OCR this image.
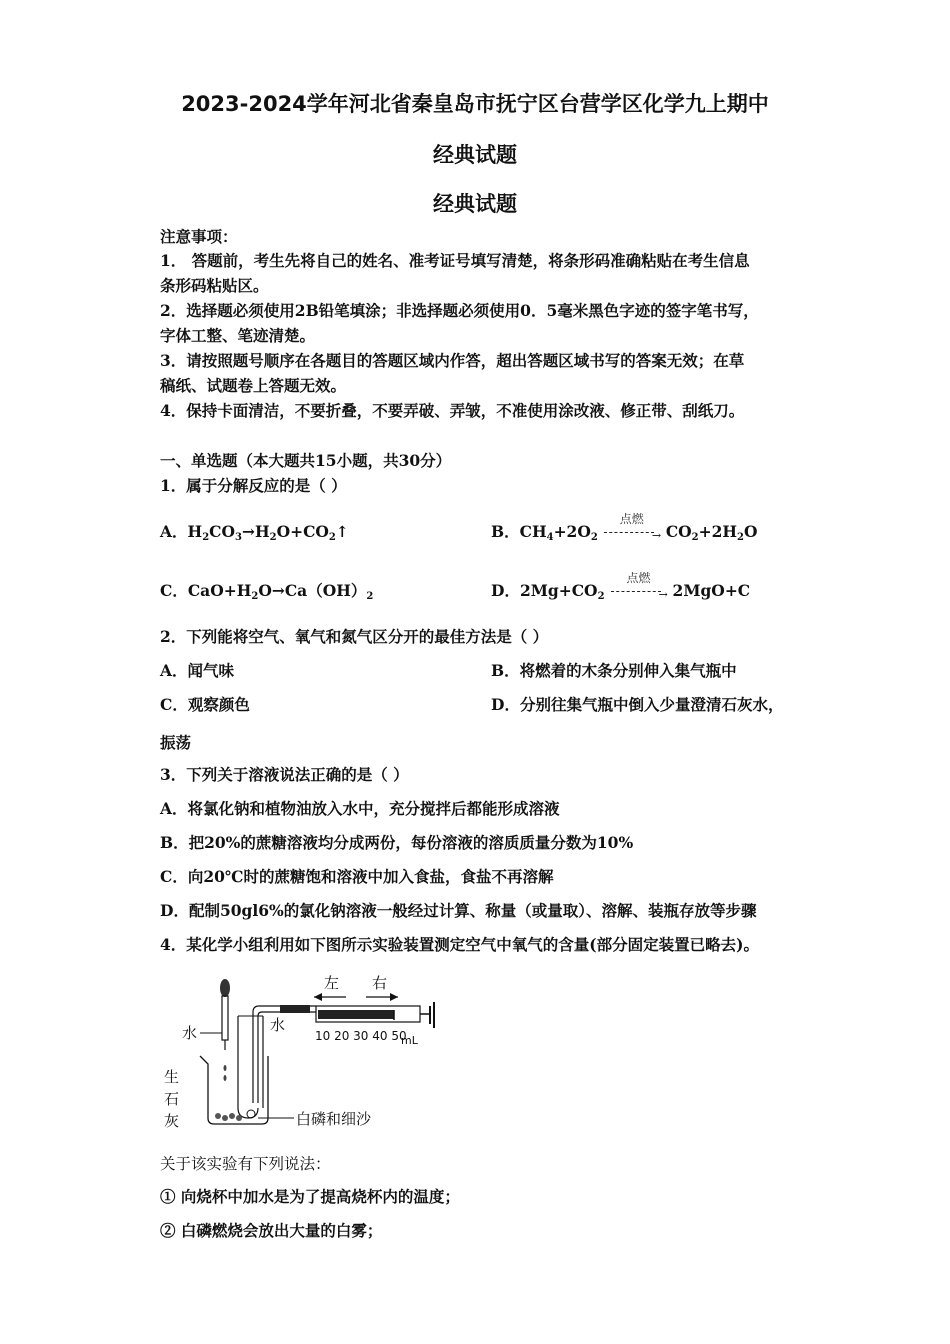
2023-2024学年河北省秦皇岛市抚宁区台营学区化学九上期中
经典试题
经典试题
注意事项：
1． 答题前，考生先将自己的姓名、准考证号填写清楚，将条形码准确粘贴在考生信息
条形码粘贴区。
2．选择题必须使用2B铅笔填涂；非选择题必须使用0．5毫米黑色字迹的签字笔书写，
字体工整、笔迹清楚。
3．请按照题号顺序在各题目的答题区域内作答，超出答题区域书写的答案无效；在草
稿纸、试题卷上答题无效。
4．保持卡面清洁，不要折叠，不要弄破、弄皱，不准使用涂改液、修正带、刮纸刀。
一、单选题（本大题共15小题，共30分）
1．属于分解反应的是（ ）
A．$H_2CO_3\to H_2O+CO_2↑$	B．$CH_4+2O_2$
点燃
→ $CO_2+2H_2O$
C．$CaO+H_2O\to Ca(OH)_2$	D．$2Mg+CO_2$
点燃
→ 2MgO+C
2．下列能将空气、氧气和氮气区分开的最佳方法是（ ）
A．闻气味	B．将燃着的木条分别伸入集气瓶中
C．观察颜色	D．分别往集气瓶中倒入少量澄清石灰水，
振荡
3．下列关于溶液说法正确的是（ ）
A．将氯化钠和植物油放入水中，充分搅拌后都能形成溶液
B．把20%的蔗糖溶液均分成两份，每份溶液的溶质质量分数为10%
C．向20℃时的蔗糖饱和溶液中加入食盐，食盐不再溶解
D．配制50gl6%的氯化钠溶液一般经过计算、称量（或量取）、溶解、装瓶存放等步骤
4．某化学小组利用如下图所示实验装置测定空气中氧气的含量(部分固定装置已略去)。
左 右
10 20 30 40 50
mL
水	水
生
石
灰	白磷和细沙
关于该实验有下列说法：
① 向烧杯中加水是为了提高烧杯内的温度；
② 白磷燃烧会放出大量的白雾；
